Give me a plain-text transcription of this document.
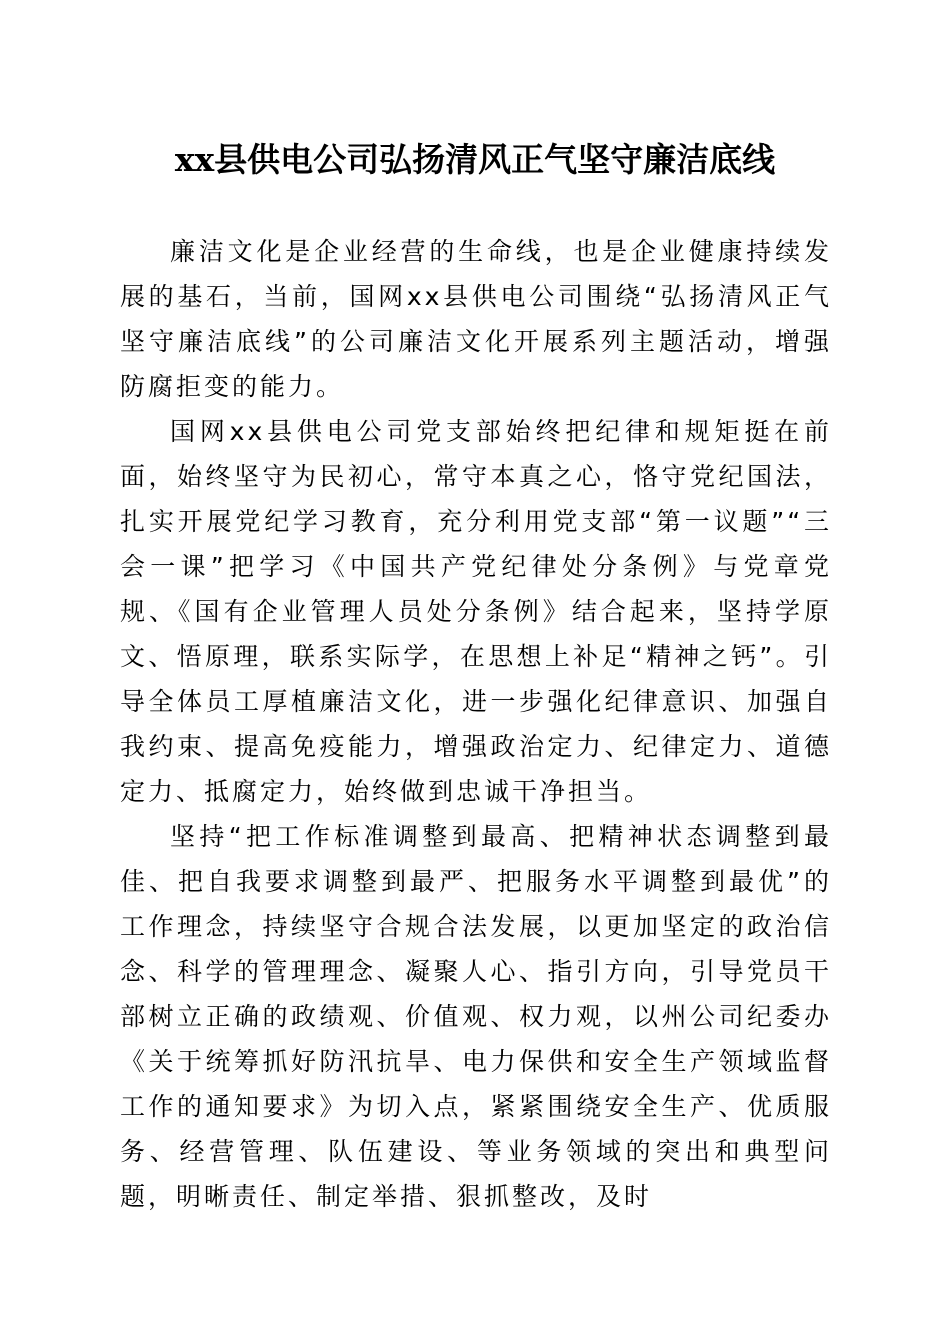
xx县供电公司弘扬清风正气坚守廉洁底线

廉洁文化是企业经营的生命线，也是企业健康持续发展的基石，当前，国网xx县供电公司围绕“弘扬清风正气坚守廉洁底线”的公司廉洁文化开展系列主题活动，增强防腐拒变的能力。

国网xx县供电公司党支部始终把纪律和规矩挺在前面，始终坚守为民初心，常守本真之心，恪守党纪国法，扎实开展党纪学习教育，充分利用党支部“第一议题”“三会一课”把学习《中国共产党纪律处分条例》与党章党规、《国有企业管理人员处分条例》结合起来，坚持学原文、悟原理，联系实际学，在思想上补足“精神之钙”。引导全体员工厚植廉洁文化，进一步强化纪律意识、加强自我约束、提高免疫能力，增强政治定力、纪律定力、道德定力、抵腐定力，始终做到忠诚干净担当。

坚持“把工作标准调整到最高、把精神状态调整到最佳、把自我要求调整到最严、把服务水平调整到最优”的工作理念，持续坚守合规合法发展，以更加坚定的政治信念、科学的管理理念、凝聚人心、指引方向，引导党员干部树立正确的政绩观、价值观、权力观，以州公司纪委办《关于统筹抓好防汛抗旱、电力保供和安全生产领域监督工作的通知要求》为切入点，紧紧围绕安全生产、优质服务、经营管理、队伍建设、等业务领域的突出和典型问题，明晰责任、制定举措、狠抓整改，及时
